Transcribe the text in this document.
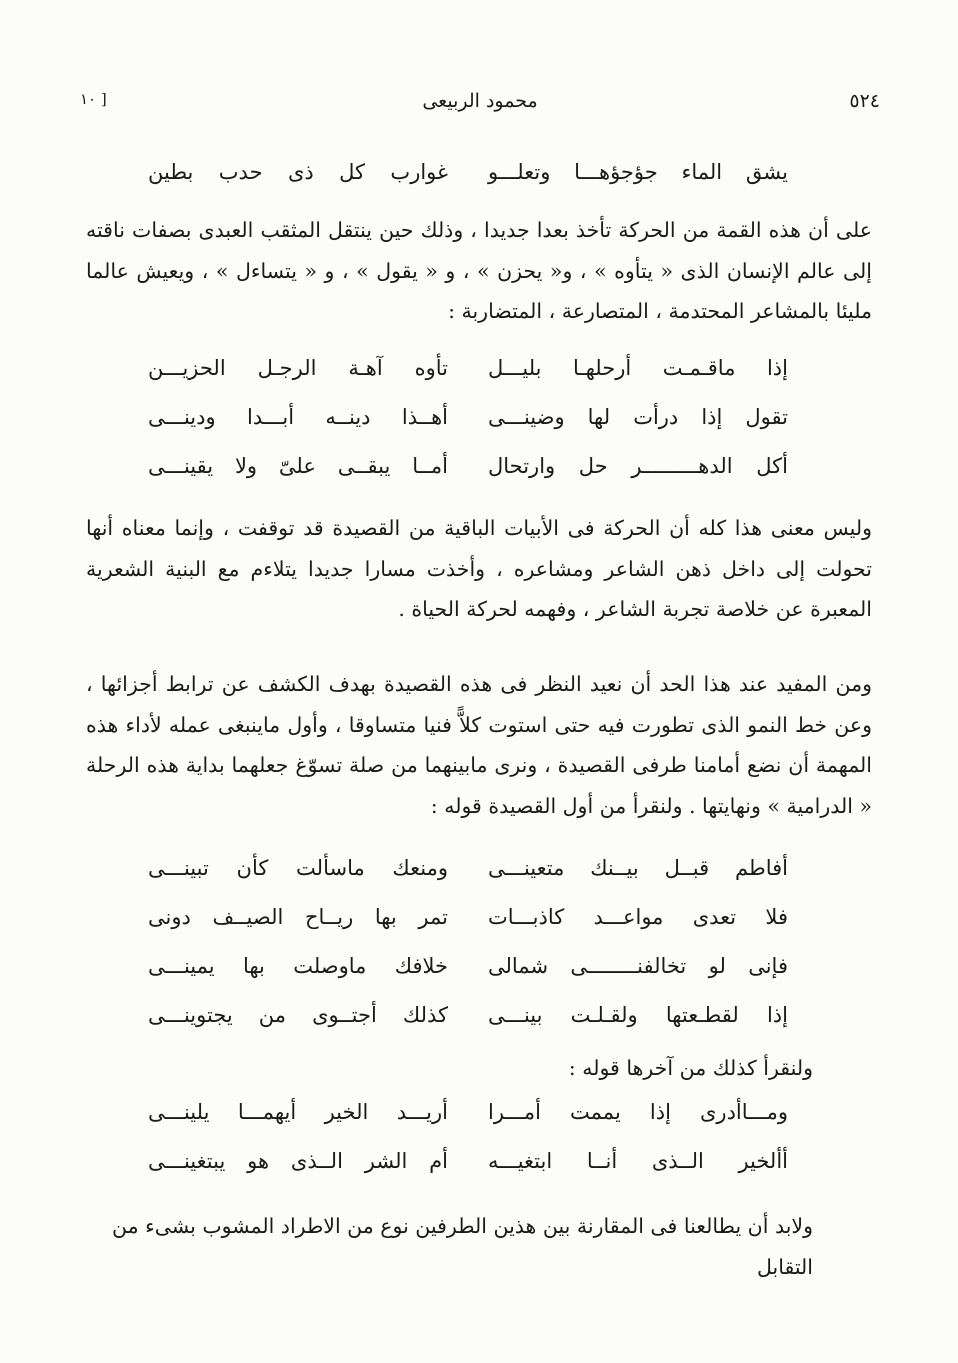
٥٢٤
محمود الربيعى
[ ١٠
يشق الماء جؤجؤهـــا وتعلـــو
غوارب كل ذى حدب بطين

على أن هذه القمة من الحركة تأخذ بعدا جديدا ، وذلك حين ينتقل المثقب العبدى بصفات ناقته إلى عالم الإنسان الذى « يتأوه » ، و« يحزن » ، و « يقول » ، و « يتساءل » ، ويعيش عالما مليئا بالمشاعر المحتدمة ، المتصارعة ، المتضاربة :

إذا ماقـمـت أرحلهـا بليـــل
تأوه آهـة الرجـل الحزيـــن
تقول إذا درأت لها وضينـــى
أهــذا دينــه أبـــدا ودينـــى
أكل الدهـــــــــر حل وارتحال
أمــا يبقــى علىّ ولا يقينـــى

وليس معنى هذا كله أن الحركة فى الأبيات الباقية من القصيدة قد توقفت ، وإنما معناه أنها تحولت إلى داخل ذهن الشاعر ومشاعره ، وأخذت مسارا جديدا يتلاءم مع البنية الشعرية المعبرة عن خلاصة تجربة الشاعر ، وفهمه لحركة الحياة .

ومن المفيد عند هذا الحد أن نعيد النظر فى هذه القصيدة بهدف الكشف عن ترابط أجزائها ، وعن خط النمو الذى تطورت فيه حتى استوت كلاًّ فنيا متساوقا ، وأول ماينبغى عمله لأداء هذه المهمة أن نضع أمامنا طرفى القصيدة ، ونرى مابينهما من صلة تسوّغ جعلهما بداية هذه الرحلة « الدرامية » ونهايتها . ولنقرأ من أول القصيدة قوله :

أفاطم قبــل بيــنك متعينـــى
ومنعك ماسألت كأن تبينـــى
فلا تعدى مواعـــد كاذبـــات
تمر بها ريــاح الصيــف دونى
فإنى لو تخالفنــــــــى شمالى
خلافك ماوصلت بها يمينـــى
إذا لقطـعتها ولقـلـت بينـــى
كذلك أجتــوى من يجتوينـــى
ولنقرأ كذلك من آخرها قوله :
ومـــاأدرى إذا يممت أمـــرا
أريـــد الخير أيهمـــا يلينـــى
أألخير الــذى أنــا ابتغيـــه
أم الشر الــذى هو يبتغينـــى

ولابد أن يطالعنا فى المقارنة بين هذين الطرفين نوع من الاطراد المشوب بشىء من التقابل
